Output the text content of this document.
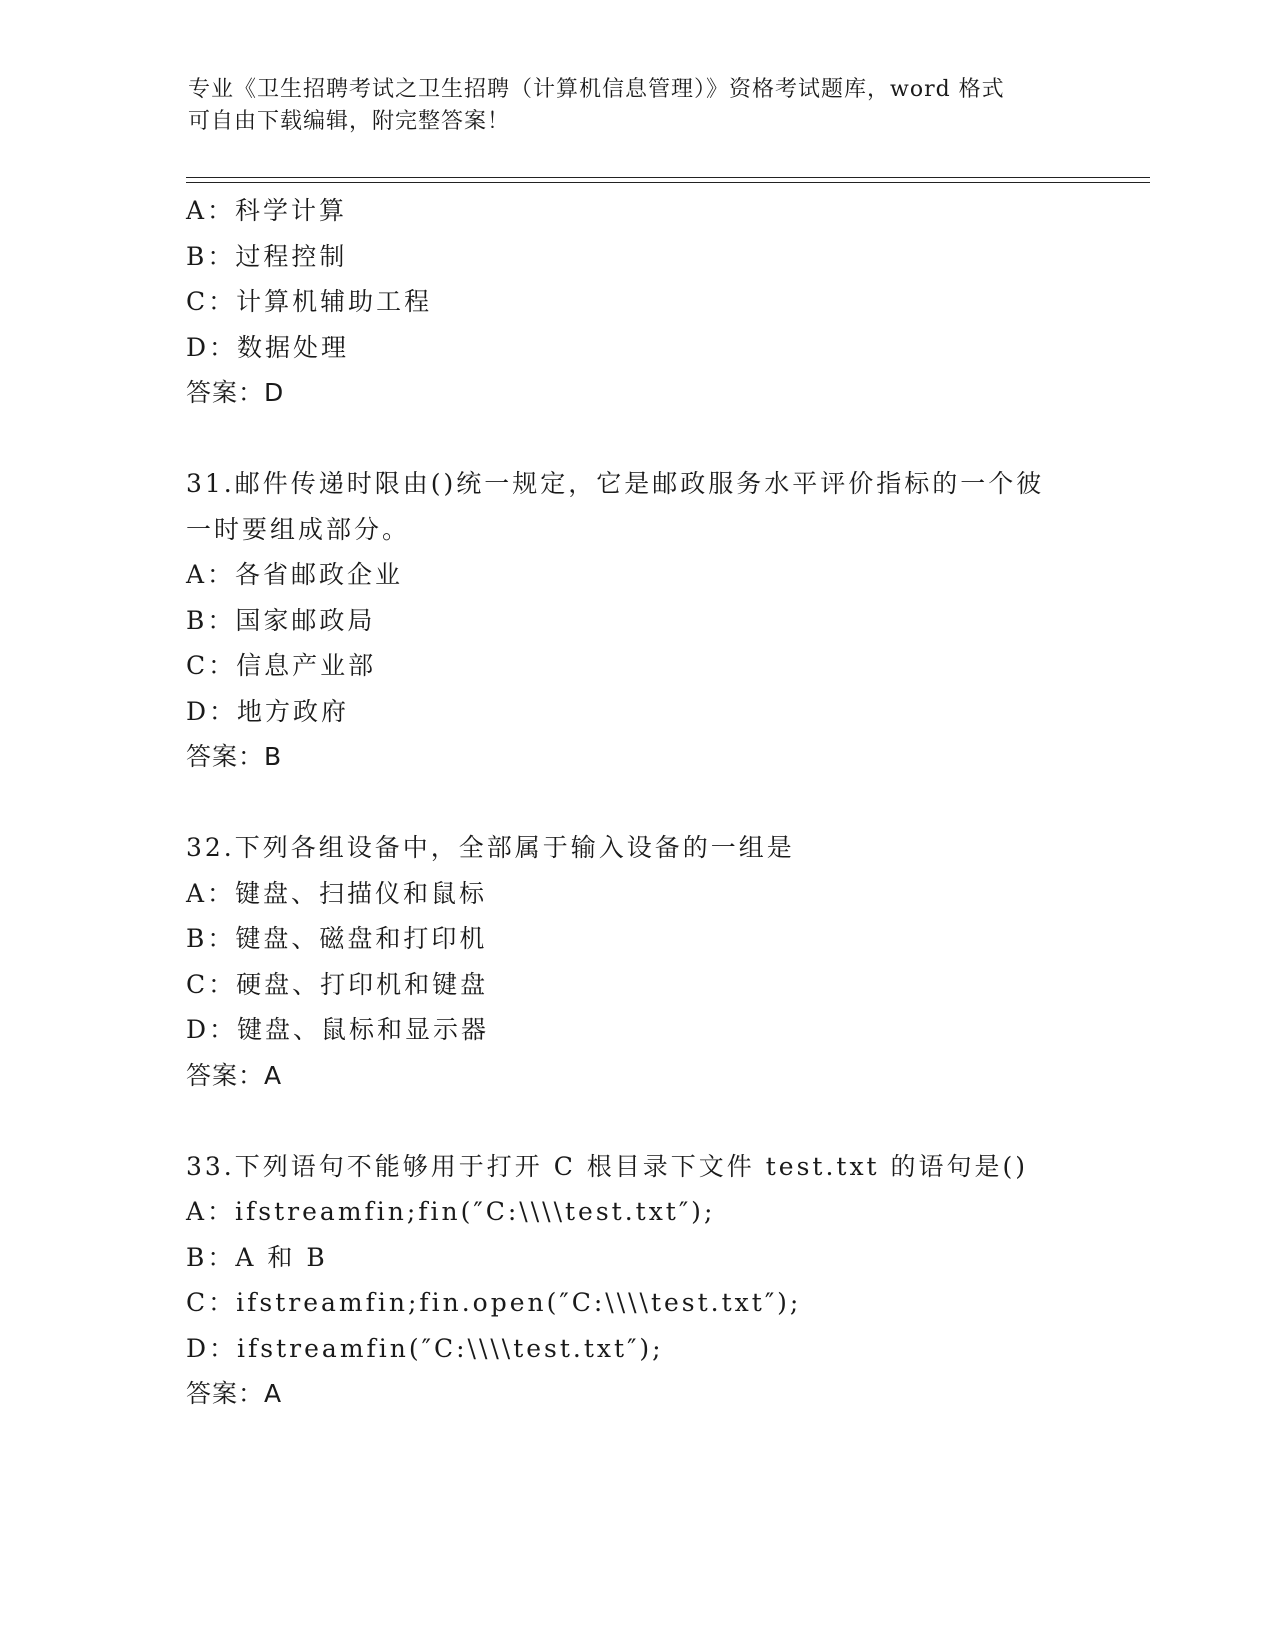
专业《卫生招聘考试之卫生招聘（计算机信息管理）》资格考试题库，word 格式
可自由下载编辑，附完整答案！
A：科学计算
B：过程控制
C：计算机辅助工程
D：数据处理
答案：D
31.邮件传递时限由()统一规定，它是邮政服务水平评价指标的一个彼
一时要组成部分。
A：各省邮政企业
B：国家邮政局
C：信息产业部
D：地方政府
答案：B
32.下列各组设备中，全部属于输入设备的一组是
A：键盘、扫描仪和鼠标
B：键盘、磁盘和打印机
C：硬盘、打印机和键盘
D：键盘、鼠标和显示器
答案：A
33.下列语句不能够用于打开 C 根目录下文件 test.txt 的语句是()
A：ifstreamfin;fin(″C:\\\\test.txt″);
B：A 和 B
C：ifstreamfin;fin.open(″C:\\\\test.txt″);
D：ifstreamfin(″C:\\\\test.txt″);
答案：A
